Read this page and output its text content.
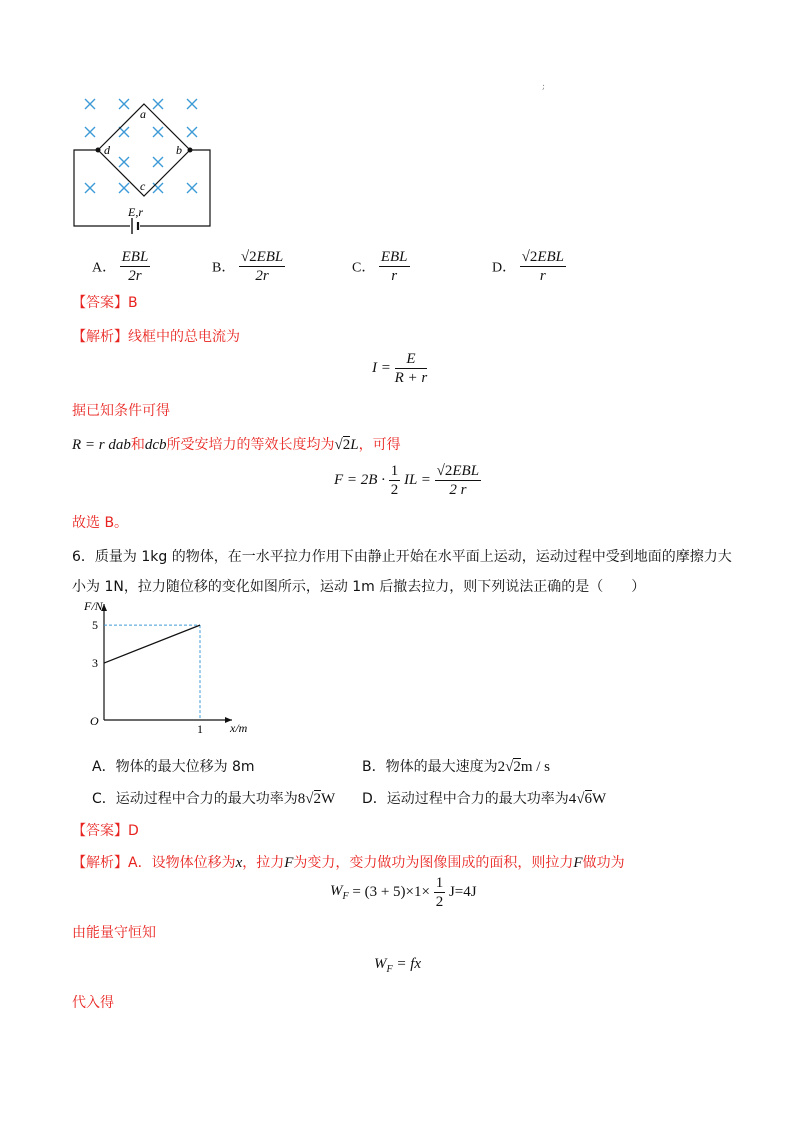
;
a
b
c
d
E,r
A． $\frac{\text{EBL}}{2r}$	B． $\frac{\text{√2EBL}}{2r}$	C． $\frac{\text{EBL}}{r}$	D． $\frac{\text{√2EBL}}{r}$
【答案】B
【解析】线框中的总电流为
$I = \frac{E}{R + r}$
据已知条件可得
R = r dab和dcb所受安培力的等效长度均为√2L，可得
$F = 2B \cdot \frac{1}{2}$ IL = $\frac{\text{√2EBL}}{2 r}$
故选 B。
6．质量为 1kg 的物体，在一水平拉力作用下由静止开始在水平面上运动，运动过程中受到地面的摩擦力大
小为 1N，拉力随位移的变化如图所示，运动 1m 后撤去拉力，则下列说法正确的是（　　）
F/N
x/m
O
5
3
1
A．物体的最大位移为 8m	B．物体的最大速度为2√2m / s
C．运动过程中合力的最大功率为8√2W D．运动过程中合力的最大功率为4√6W
【答案】D
【解析】A．设物体位移为x，拉力F为变力，变力做功为图像围成的面积，则拉力F做功为
$W_F = (3 + 5)\times 1\times \frac{1}{2} J=4J$
由能量守恒知
$W_F$ = fx
代入得
